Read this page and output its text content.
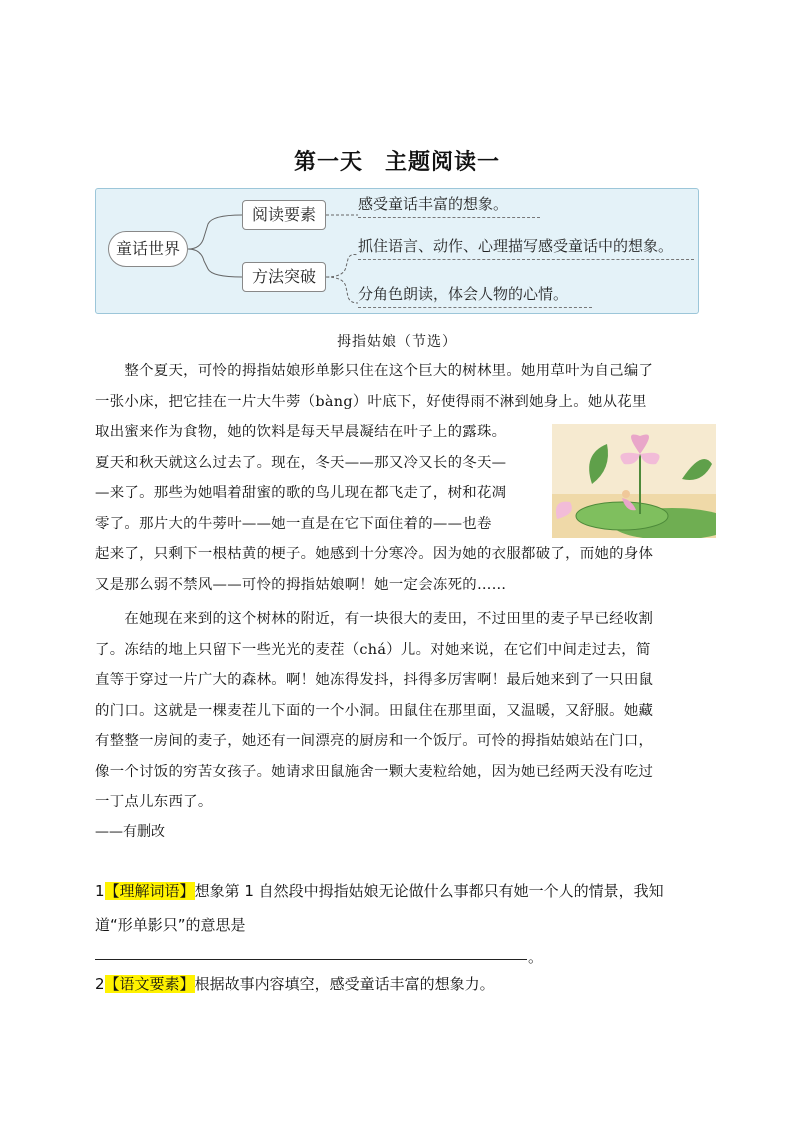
第一天 主题阅读一
童话世界
阅读要素
方法突破
感受童话丰富的想象。
抓住语言、动作、心理描写感受童话中的想象。
分角色朗读，体会人物的心情。
拇指姑娘（节选）
　　整个夏天，可怜的拇指姑娘形单影只住在这个巨大的树林里。她用草叶为自己编了
一张小床，把它挂在一片大牛蒡（bàng）叶底下，好使得雨不淋到她身上。她从花里
取出蜜来作为食物，她的饮料是每天早晨凝结在叶子上的露珠。
夏天和秋天就这么过去了。现在，冬天——那又冷又长的冬天—
—来了。那些为她唱着甜蜜的歌的鸟儿现在都飞走了，树和花凋
零了。那片大的牛蒡叶——她一直是在它下面住着的——也卷
起来了，只剩下一根枯黄的梗子。她感到十分寒冷。因为她的衣服都破了，而她的身体
又是那么弱不禁风——可怜的拇指姑娘啊！她一定会冻死的……
　　在她现在来到的这个树林的附近，有一块很大的麦田，不过田里的麦子早已经收割
了。冻结的地上只留下一些光光的麦茬（chá）儿。对她来说，在它们中间走过去，简
直等于穿过一片广大的森林。啊！她冻得发抖，抖得多厉害啊！最后她来到了一只田鼠
的门口。这就是一棵麦茬儿下面的一个小洞。田鼠住在那里面，又温暖，又舒服。她藏
有整整一房间的麦子，她还有一间漂亮的厨房和一个饭厅。可怜的拇指姑娘站在门口，
像一个讨饭的穷苦女孩子。她请求田鼠施舍一颗大麦粒给她，因为她已经两天没有吃过
一丁点儿东西了。
——有删改
1【理解词语】想象第 1 自然段中拇指姑娘无论做什么事都只有她一个人的情景，我知
道“形单影只”的意思是
。
2【语文要素】根据故事内容填空，感受童话丰富的想象力。
